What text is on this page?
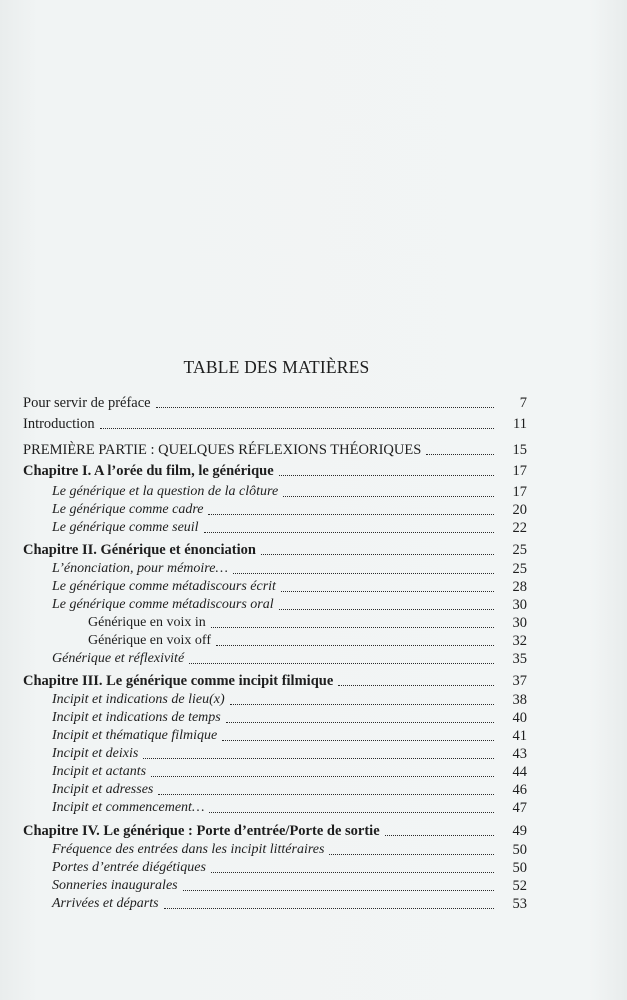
TABLE DES MATIÈRES
Pour servir de préface	7
Introduction	11
PREMIÈRE PARTIE : QUELQUES RÉFLEXIONS THÉORIQUES	15
Chapitre I. A l’orée du film, le générique	17
Le générique et la question de la clôture	17
Le générique comme cadre	20
Le générique comme seuil	22
Chapitre II. Générique et énonciation	25
L’énonciation, pour mémoire…	25
Le générique comme métadiscours écrit	28
Le générique comme métadiscours oral	30
Générique en voix in	30
Générique en voix off	32
Générique et réflexivité	35
Chapitre III. Le générique comme incipit filmique	37
Incipit et indications de lieu(x)	38
Incipit et indications de temps	40
Incipit et thématique filmique	41
Incipit et deixis	43
Incipit et actants	44
Incipit et adresses	46
Incipit et commencement…	47
Chapitre IV. Le générique : Porte d’entrée/Porte de sortie	49
Fréquence des entrées dans les incipit littéraires	50
Portes d’entrée diégétiques	50
Sonneries inaugurales	52
Arrivées et départs	53
